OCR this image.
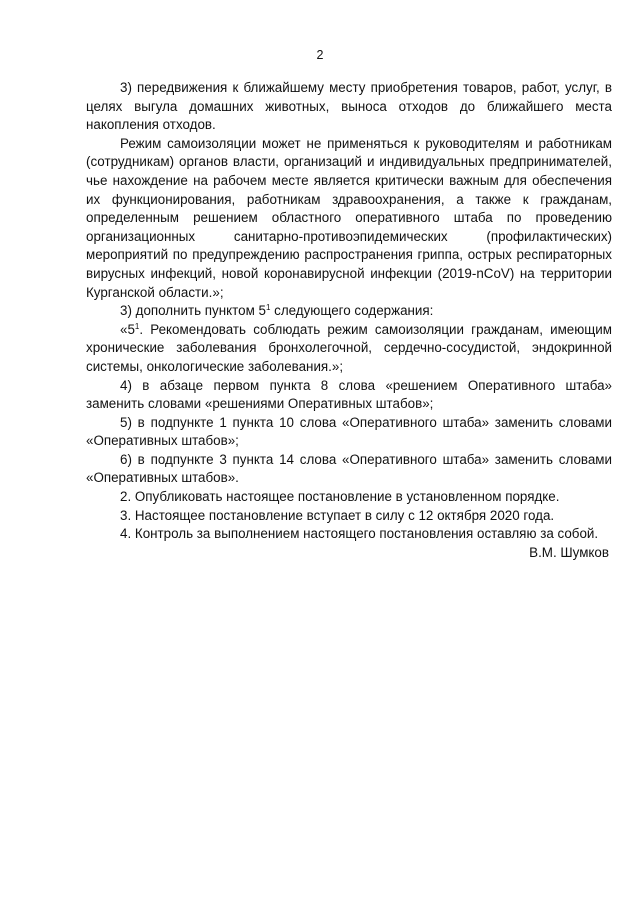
2

3) передвижения к ближайшему месту приобретения товаров, работ, услуг, в целях выгула домашних животных, выноса отходов до ближайшего места накопления отходов.

Режим самоизоляции может не применяться к руководителям и работникам (сотрудникам) органов власти, организаций и индивидуальных предпринимателей, чье нахождение на рабочем месте является критически важным для обеспечения их функционирования, работникам здравоохранения, а также к гражданам, определенным решением областного оперативного штаба по проведению организационных санитарно-противоэпидемических (профилактических) мероприятий по предупреждению распространения гриппа, острых респираторных вирусных инфекций, новой коронавирусной инфекции (2019-nCoV) на территории Курганской области.»;

3) дополнить пунктом $5^1$ следующего содержания:

«$5^1$. Рекомендовать соблюдать режим самоизоляции гражданам, имеющим хронические заболевания бронхолегочной, сердечно-сосудистой, эндокринной системы, онкологические заболевания.»;

4) в абзаце первом пункта 8 слова «решением Оперативного штаба» заменить словами «решениями Оперативных штабов»;

5) в подпункте 1 пункта 10 слова «Оперативного штаба» заменить словами «Оперативных штабов»;

6) в подпункте 3 пункта 14 слова «Оперативного штаба» заменить словами «Оперативных штабов».

2. Опубликовать настоящее постановление в установленном порядке.

3. Настоящее постановление вступает в силу с 12 октября 2020 года.

4. Контроль за выполнением настоящего постановления оставляю за собой.

В.М. Шумков
